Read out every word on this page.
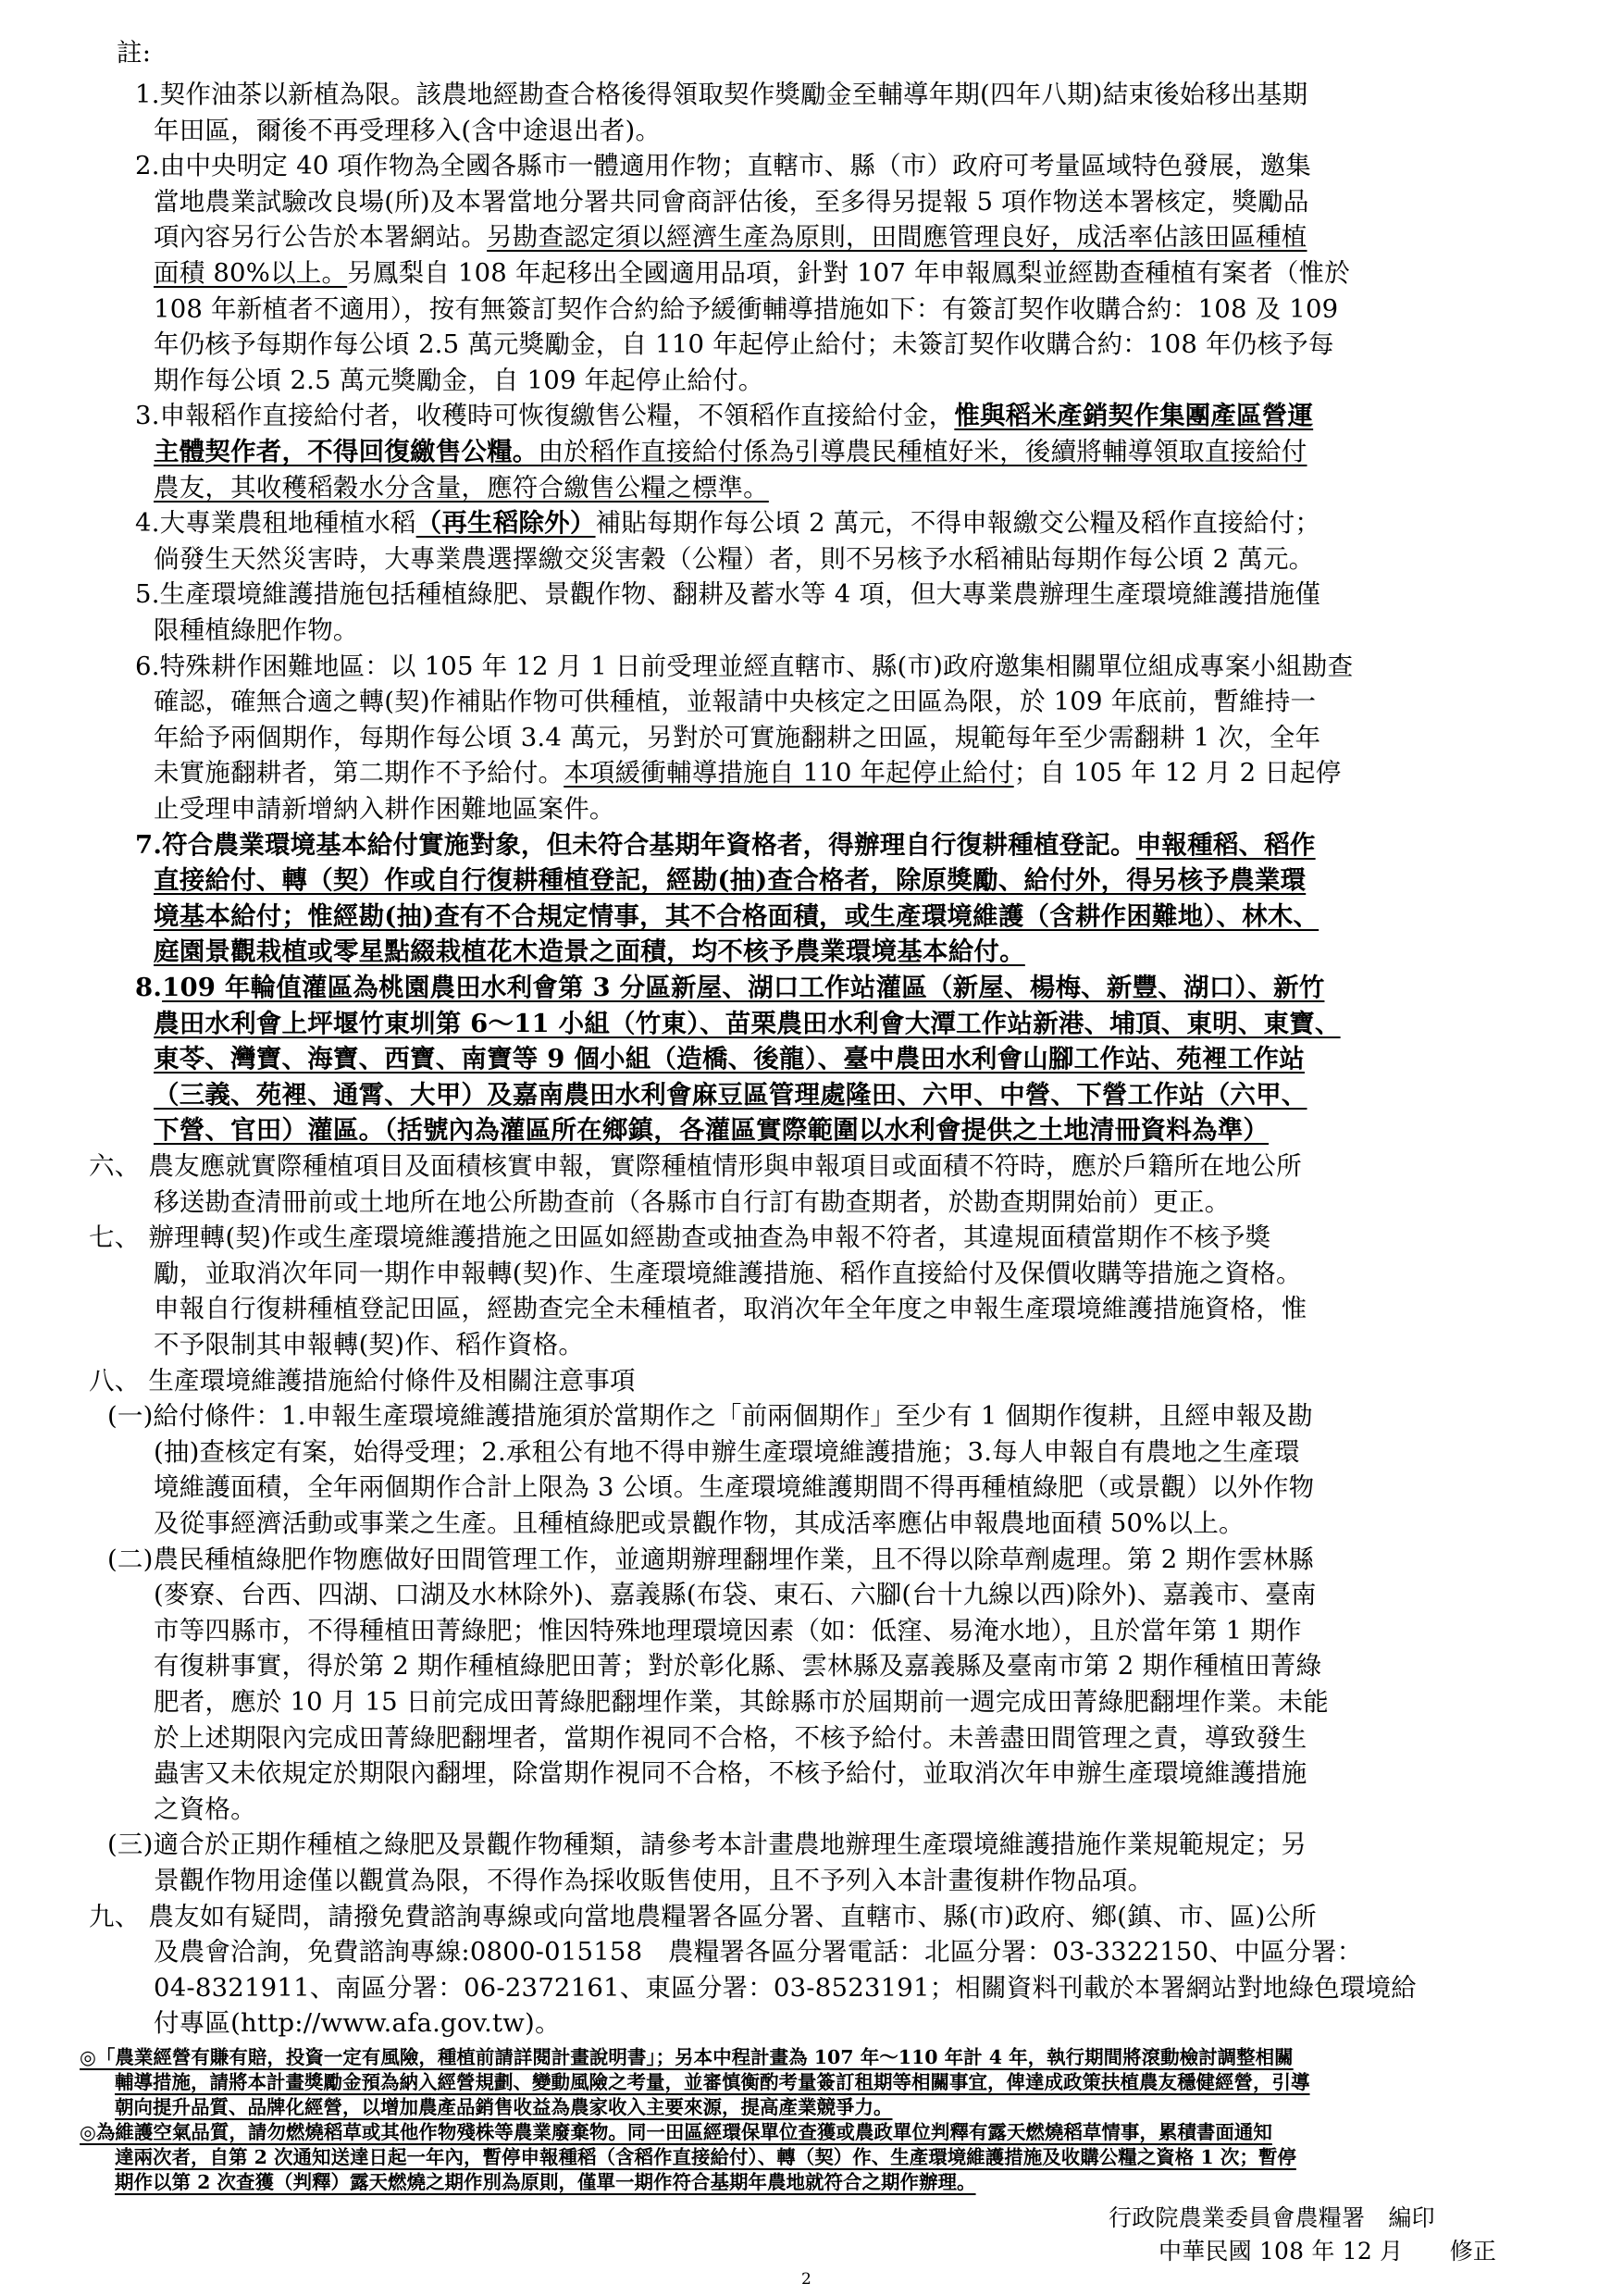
註:
1.契作油茶以新植為限。該農地經勘查合格後得領取契作獎勵金至輔導年期(四年八期)結束後始移出基期
年田區，爾後不再受理移入(含中途退出者)。
2.由中央明定 40 項作物為全國各縣市一體適用作物；直轄市、縣（市）政府可考量區域特色發展，邀集
當地農業試驗改良場(所)及本署當地分署共同會商評估後，至多得另提報 5 項作物送本署核定，獎勵品
項內容另行公告於本署網站。另勘查認定須以經濟生產為原則，田間應管理良好，成活率佔該田區種植
面積 80%以上。另鳳梨自 108 年起移出全國適用品項，針對 107 年申報鳳梨並經勘查種植有案者（惟於
108 年新植者不適用），按有無簽訂契作合約給予緩衝輔導措施如下：有簽訂契作收購合約：108 及 109
年仍核予每期作每公頃 2.5 萬元獎勵金，自 110 年起停止給付；未簽訂契作收購合約：108 年仍核予每
期作每公頃 2.5 萬元獎勵金，自 109 年起停止給付。
3.申報稻作直接給付者，收穫時可恢復繳售公糧，不領稻作直接給付金，惟與稻米產銷契作集團產區營運
主體契作者，不得回復繳售公糧。由於稻作直接給付係為引導農民種植好米，後續將輔導領取直接給付
農友，其收穫稻穀水分含量，應符合繳售公糧之標準。
4.大專業農租地種植水稻（再生稻除外）補貼每期作每公頃 2 萬元，不得申報繳交公糧及稻作直接給付；
倘發生天然災害時，大專業農選擇繳交災害穀（公糧）者，則不另核予水稻補貼每期作每公頃 2 萬元。
5.生產環境維護措施包括種植綠肥、景觀作物、翻耕及蓄水等 4 項，但大專業農辦理生產環境維護措施僅
限種植綠肥作物。
6.特殊耕作困難地區：以 105 年 12 月 1 日前受理並經直轄市、縣(市)政府邀集相關單位組成專案小組勘查
確認，確無合適之轉(契)作補貼作物可供種植，並報請中央核定之田區為限，於 109 年底前，暫維持一
年給予兩個期作，每期作每公頃 3.4 萬元，另對於可實施翻耕之田區，規範每年至少需翻耕 1 次，全年
未實施翻耕者，第二期作不予給付。本項緩衝輔導措施自 110 年起停止給付；自 105 年 12 月 2 日起停
止受理申請新增納入耕作困難地區案件。
7.符合農業環境基本給付實施對象，但未符合基期年資格者，得辦理自行復耕種植登記。申報種稻、稻作
直接給付、轉（契）作或自行復耕種植登記，經勘(抽)查合格者，除原獎勵、給付外，得另核予農業環
境基本給付；惟經勘(抽)查有不合規定情事，其不合格面積，或生產環境維護（含耕作困難地）、林木、
庭園景觀栽植或零星點綴栽植花木造景之面積，均不核予農業環境基本給付。
8.109 年輪值灌區為桃園農田水利會第 3 分區新屋、湖口工作站灌區（新屋、楊梅、新豐、湖口）、新竹
農田水利會上坪堰竹東圳第 6～11 小組（竹東）、苗栗農田水利會大潭工作站新港、埔頂、東明、東寶、
東苓、灣寶、海寶、西寶、南寶等 9 個小組（造橋、後龍）、臺中農田水利會山腳工作站、苑裡工作站
（三義、苑裡、通霄、大甲）及嘉南農田水利會麻豆區管理處隆田、六甲、中營、下營工作站（六甲、
下營、官田）灌區。（括號內為灌區所在鄉鎮，各灌區實際範圍以水利會提供之土地清冊資料為準）
六、 農友應就實際種植項目及面積核實申報，實際種植情形與申報項目或面積不符時，應於戶籍所在地公所
移送勘查清冊前或土地所在地公所勘查前（各縣市自行訂有勘查期者，於勘查期開始前）更正。
七、 辦理轉(契)作或生產環境維護措施之田區如經勘查或抽查為申報不符者，其違規面積當期作不核予獎
勵，並取消次年同一期作申報轉(契)作、生產環境維護措施、稻作直接給付及保價收購等措施之資格。
申報自行復耕種植登記田區，經勘查完全未種植者，取消次年全年度之申報生產環境維護措施資格，惟
不予限制其申報轉(契)作、稻作資格。
八、 生產環境維護措施給付條件及相關注意事項
(一)給付條件：1.申報生產環境維護措施須於當期作之「前兩個期作」至少有 1 個期作復耕，且經申報及勘
(抽)查核定有案，始得受理；2.承租公有地不得申辦生產環境維護措施；3.每人申報自有農地之生產環
境維護面積，全年兩個期作合計上限為 3 公頃。生產環境維護期間不得再種植綠肥（或景觀）以外作物
及從事經濟活動或事業之生產。且種植綠肥或景觀作物，其成活率應佔申報農地面積 50%以上。
(二)農民種植綠肥作物應做好田間管理工作，並適期辦理翻埋作業，且不得以除草劑處理。第 2 期作雲林縣
(麥寮、台西、四湖、口湖及水林除外)、嘉義縣(布袋、東石、六腳(台十九線以西)除外)、嘉義市、臺南
市等四縣市，不得種植田菁綠肥；惟因特殊地理環境因素（如：低窪、易淹水地），且於當年第 1 期作
有復耕事實，得於第 2 期作種植綠肥田菁；對於彰化縣、雲林縣及嘉義縣及臺南市第 2 期作種植田菁綠
肥者，應於 10 月 15 日前完成田菁綠肥翻埋作業，其餘縣市於屆期前一週完成田菁綠肥翻埋作業。未能
於上述期限內完成田菁綠肥翻埋者，當期作視同不合格，不核予給付。未善盡田間管理之責，導致發生
蟲害又未依規定於期限內翻埋，除當期作視同不合格，不核予給付，並取消次年申辦生產環境維護措施
之資格。
(三)適合於正期作種植之綠肥及景觀作物種類，請參考本計畫農地辦理生產環境維護措施作業規範規定；另
景觀作物用途僅以觀賞為限，不得作為採收販售使用，且不予列入本計畫復耕作物品項。
九、 農友如有疑問，請撥免費諮詢專線或向當地農糧署各區分署、直轄市、縣(市)政府、鄉(鎮、市、區)公所
及農會洽詢，免費諮詢專線:0800-015158　農糧署各區分署電話：北區分署：03-3322150、中區分署：
04-8321911、南區分署：06-2372161、東區分署：03-8523191；相關資料刊載於本署網站對地綠色環境給
付專區(http://www.afa.gov.tw)。
◎「農業經營有賺有賠，投資一定有風險，種植前請詳閱計畫說明書」；另本中程計畫為 107 年～110 年計 4 年，執行期間將滾動檢討調整相關
輔導措施，請將本計畫獎勵金預為納入經營規劃、變動風險之考量，並審慎衡酌考量簽訂租期等相關事宜，俾達成政策扶植農友穩健經營，引導
朝向提升品質、品牌化經營，以增加農產品銷售收益為農家收入主要來源，提高產業競爭力。
◎為維護空氣品質，請勿燃燒稻草或其他作物殘株等農業廢棄物。同一田區經環保單位查獲或農政單位判釋有露天燃燒稻草情事，累積書面通知
達兩次者，自第 2 次通知送達日起一年內，暫停申報種稻（含稻作直接給付）、轉（契）作、生產環境維護措施及收購公糧之資格 1 次；暫停
期作以第 2 次查獲（判釋）露天燃燒之期作別為原則，僅單一期作符合基期年農地就符合之期作辦理。
行政院農業委員會農糧署　編印
中華民國 108 年 12 月　　修正
2
